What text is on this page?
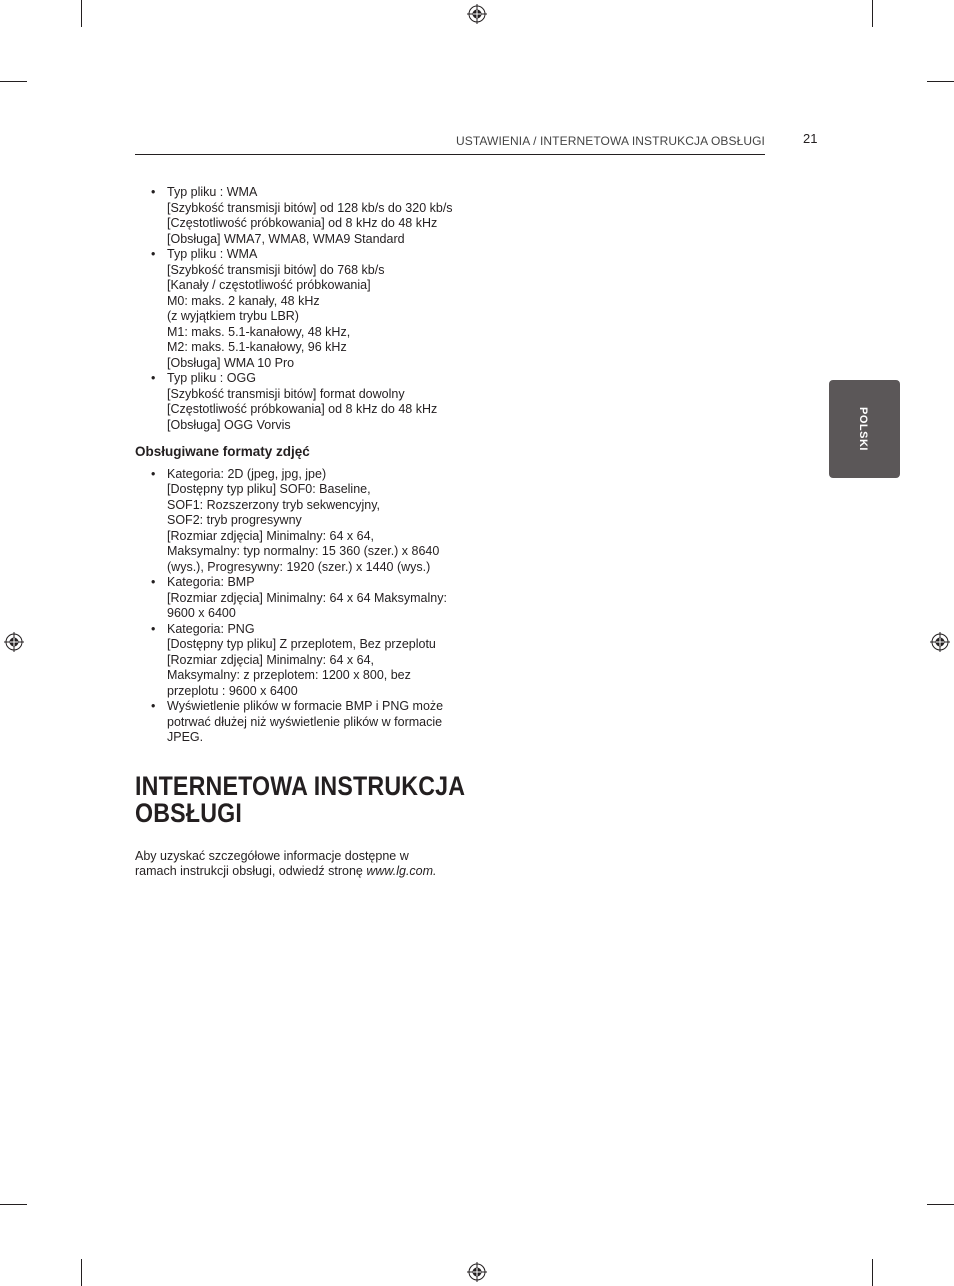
USTAWIENIA / INTERNETOWA INSTRUKCJA OBSŁUGI	21
POLSKI
• Typ pliku : WMA
[Szybkość transmisji bitów] od 128 kb/s do 320 kb/s
[Częstotliwość próbkowania] od 8 kHz do 48 kHz
[Obsługa] WMA7, WMA8, WMA9 Standard
• Typ pliku : WMA
[Szybkość transmisji bitów] do 768 kb/s
[Kanały / częstotliwość próbkowania]
M0: maks. 2 kanały, 48 kHz
(z wyjątkiem trybu LBR)
M1: maks. 5.1-kanałowy, 48 kHz,
M2: maks. 5.1-kanałowy, 96 kHz
[Obsługa] WMA 10 Pro
• Typ pliku : OGG
[Szybkość transmisji bitów] format dowolny
[Częstotliwość próbkowania] od 8 kHz do 48 kHz
[Obsługa] OGG Vorvis
Obsługiwane formaty zdjęć
• Kategoria: 2D (jpeg, jpg, jpe)
[Dostępny typ pliku] SOF0: Baseline,
SOF1: Rozszerzony tryb sekwencyjny,
SOF2: tryb progresywny
[Rozmiar zdjęcia] Minimalny: 64 x 64,
Maksymalny: typ normalny: 15 360 (szer.) x 8640
(wys.), Progresywny: 1920 (szer.) x 1440 (wys.)
• Kategoria: BMP
[Rozmiar zdjęcia] Minimalny: 64 x 64 Maksymalny:
9600 x 6400
• Kategoria: PNG
[Dostępny typ pliku] Z przeplotem, Bez przeplotu
[Rozmiar zdjęcia] Minimalny: 64 x 64,
Maksymalny: z przeplotem: 1200 x 800, bez
przeplotu : 9600 x 6400
• Wyświetlenie plików w formacie BMP i PNG może
potrwać dłużej niż wyświetlenie plików w formacie
JPEG.
INTERNETOWA INSTRUKCJA
OBSŁUGI
Aby uzyskać szczegółowe informacje dostępne w
ramach instrukcji obsługi, odwiedź stronę www.lg.com.
